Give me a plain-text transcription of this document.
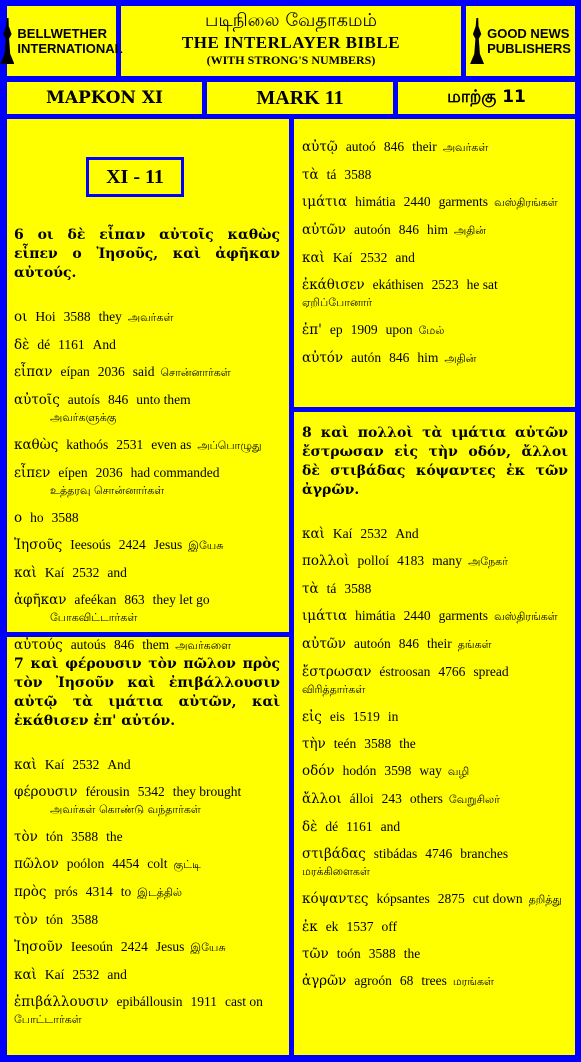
BELLWETHER
INTERNATIONAL
படிநிலை வேதாகமம்
THE INTERLAYER BIBLE
(WITH STRONG'S NUMBERS)
GOOD NEWS
PUBLISHERS
ΜΑΡΚΟΝ XI	MARK 11	மாற்கு 11
XI - 11
6 οι δὲ εἶπαν αὐτοῖς καθὼς εἶπεν ο Ἰησοῦς, καὶ ἀφῆκαν αὐτούς.
οι Hoi 3588 they அவர்கள்
δὲ dé 1161 And
εἶπαν eípan 2036 said சொன்னார்கள்
αὐτοῖς autoís 846 unto them
அவர்களுக்கு
καθὼς kathoós 2531 even as அப்பொழுது
εἶπεν eípen 2036 had commanded
உத்தரவு சொன்னார்கள்
ο ho 3588
Ἰησοῦς Ieesoús 2424 Jesus இயேசு
καὶ Kaí 2532 and
ἀφῆκαν afeékan 863 they let go
போகவிட்டார்கள்
αὐτούς autoús 846 them அவர்களை
7 καὶ φέρουσιν τὸν πῶλον πρὸς τὸν Ἰησοῦν καὶ ἐπιβάλλουσιν αὐτῷ τὰ ιμάτια αὐτῶν, καὶ ἐκάθισεν ἐπ' αὐτόν.
καὶ Kaí 2532 And
φέρουσιν férousin 5342 they brought
அவர்கள் கொண்டு வந்தார்கள்
τὸν tón 3588 the
πῶλον poólon 4454 colt குட்டி
πρὸς prós 4314 to இடத்தில்
τὸν tón 3588
Ἰησοῦν Ieesoún 2424 Jesus இயேசு
καὶ Kaí 2532 and
ἐπιβάλλουσιν epibállousin 1911 cast on
போட்டார்கள்
αὐτῷ autoó 846 their அவர்கள்
τὰ tá 3588
ιμάτια himátia 2440 garments வஸ்திரங்கள்
αὐτῶν autoón 846 him அதின்
καὶ Kaí 2532 and
ἐκάθισεν ekáthisen 2523 he sat
ஏறிப்போனார்
ἐπ' ep 1909 upon மேல்
αὐτόν autón 846 him அதின்
8 καὶ πολλοὶ τὰ ιμάτια αὐτῶν ἔστρωσαν εἰς τὴν οδόν, ἄλλοι δὲ στιβάδας κόψαντες ἐκ τῶν ἀγρῶν.
καὶ Kaí 2532 And
πολλοὶ polloí 4183 many அநேகர்
τὰ tá 3588
ιμάτια himátia 2440 garments வஸ்திரங்கள்
αὐτῶν autoón 846 their தங்கள்
ἔστρωσαν éstroosan 4766 spread
விரித்தார்கள்
εἰς eis 1519 in
τὴν teén 3588 the
οδόν hodón 3598 way வழி
ἄλλοι álloi 243 others வேறுசிலர்
δὲ dé 1161 and
στιβάδας stibádas 4746 branches
மரக்கிளைகள்
κόψαντες kópsantes 2875 cut down தறித்து
ἐκ ek 1537 off
τῶν toón 3588 the
ἀγρῶν agroón 68 trees மரங்கள்
